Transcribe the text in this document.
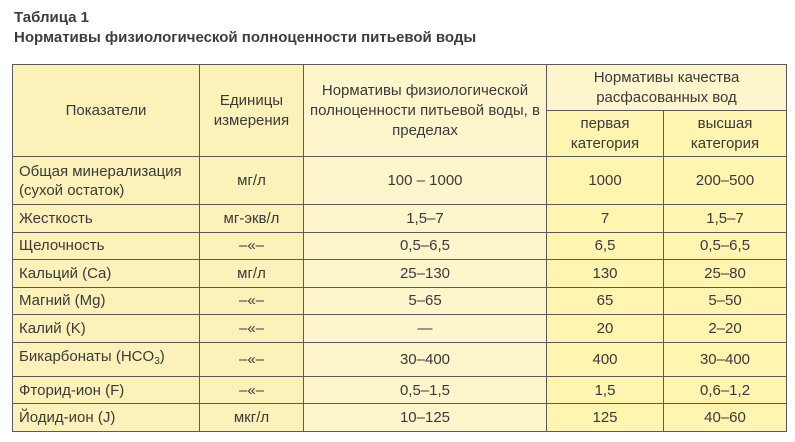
Таблица 1
Нормативы физиологической полноценности питьевой воды
Показатели	Единицы измерения	Нормативы физиологической полноценности питьевой воды, в пределах	Нормативы качества расфасованных вод	
			первая категория	высшая категория
Общая минерализация (сухой остаток)	мг/л	100 – 1000	1000	200–500
Жесткость	мг-экв/л	1,5–7	7	1,5–7
Щелочность	–«–	0,5–6,5	6,5	0,5–6,5
Кальций (Ca)	мг/л	25–130	130	25–80
Магний (Mg)	–«–	5–65	65	5–50
Калий (K)	–«–	—	20	2–20
Бикарбонаты $(HCO_3)$	–«–	30–400	400	30–400
Фторид-ион (F)	–«–	0,5–1,5	1,5	0,6–1,2
Йодид-ион (J)	мкг/л	10–125	125	40–60
